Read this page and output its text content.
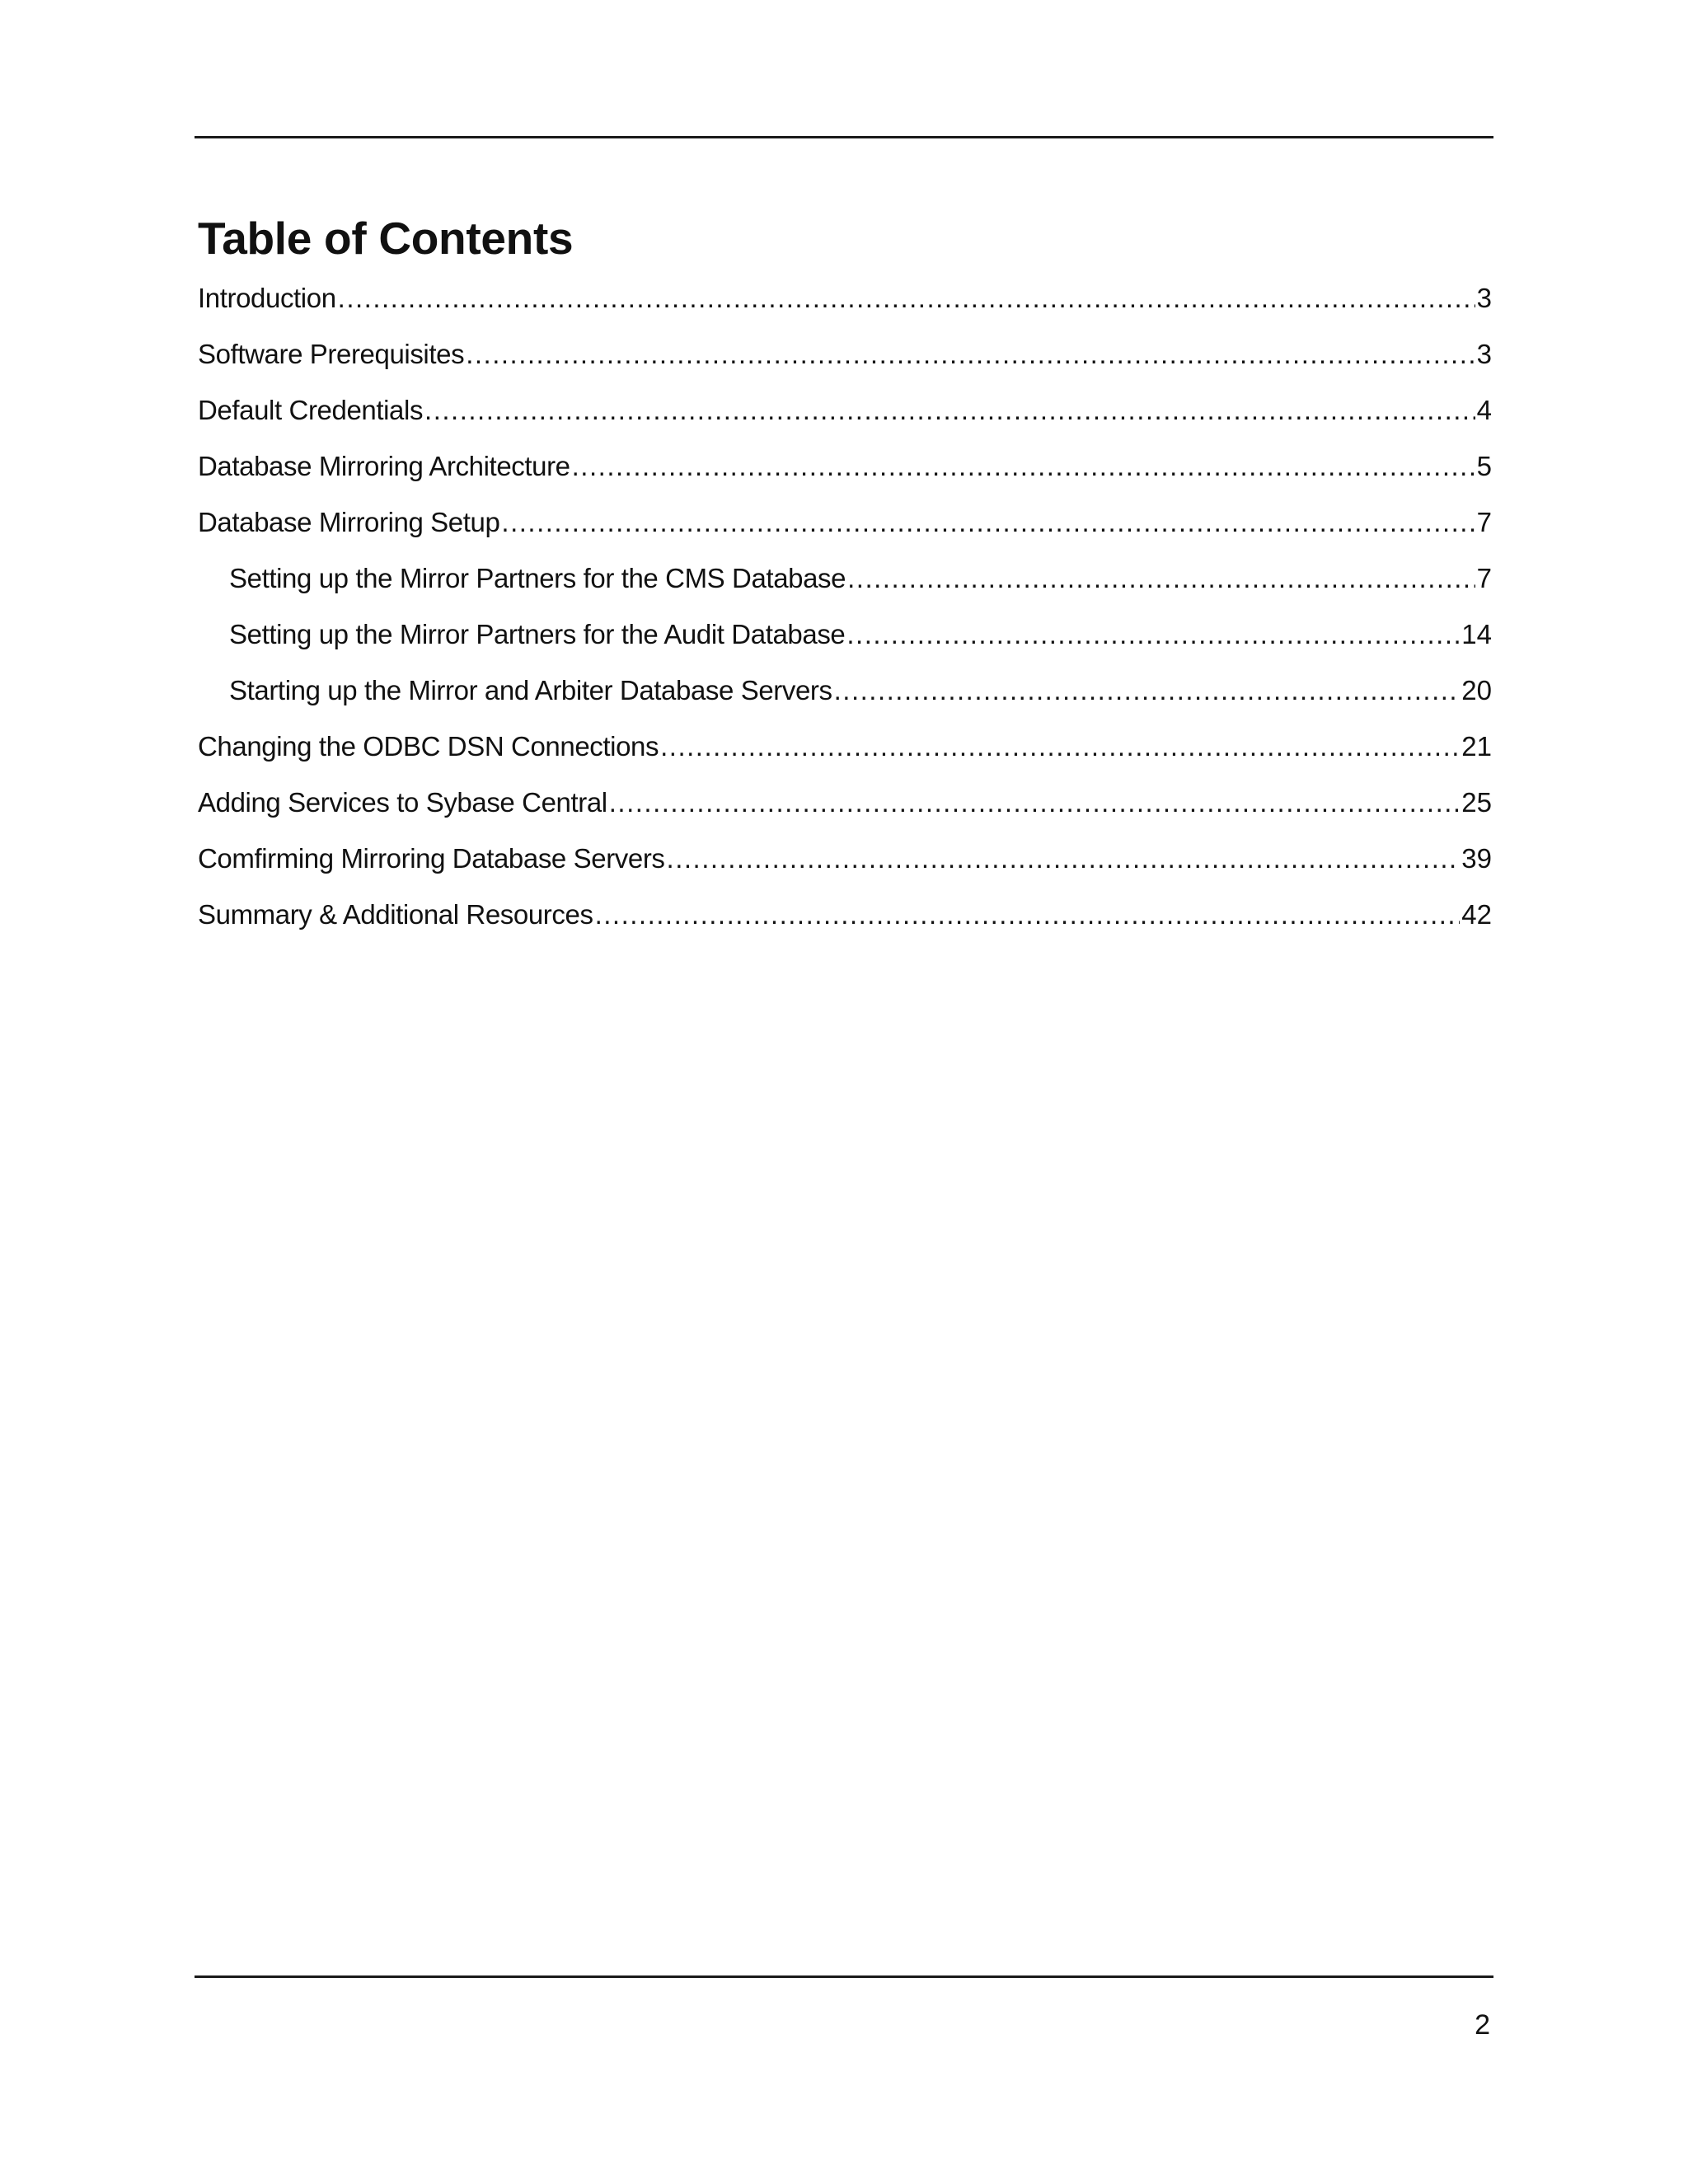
Table of Contents
Introduction .....	3
Software Prerequisites .....	3
Default Credentials .....	4
Database Mirroring Architecture .....	5
Database Mirroring Setup .....	7
Setting up the Mirror Partners for the CMS Database .....	7
Setting up the Mirror Partners for the Audit Database .....	14
Starting up the Mirror and Arbiter Database Servers .....	20
Changing the ODBC DSN Connections .....	21
Adding Services to Sybase Central .....	25
Comfirming Mirroring Database Servers .....	39
Summary & Additional Resources .....	42
2
